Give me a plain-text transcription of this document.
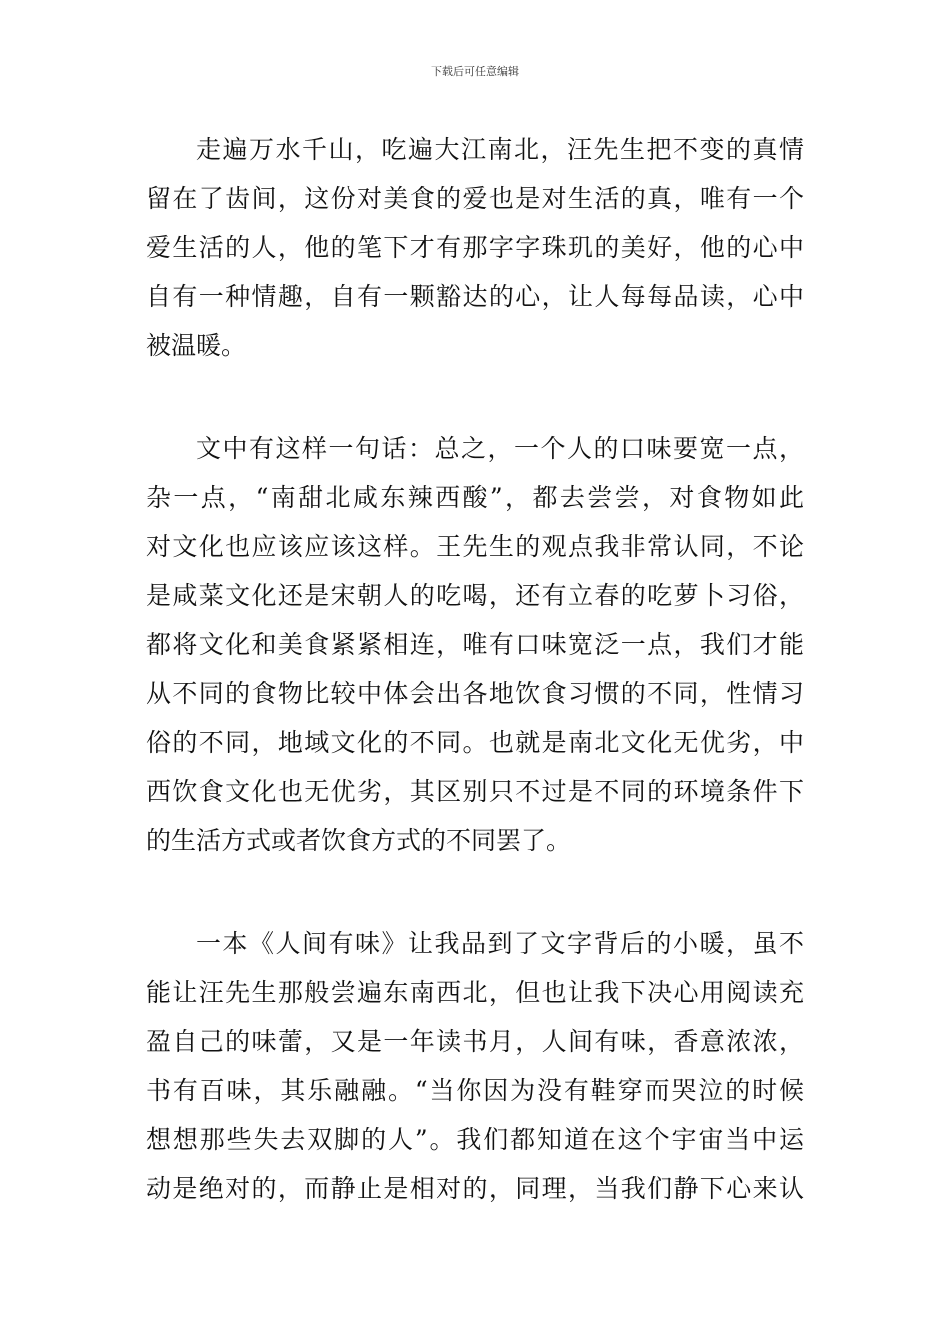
下载后可任意编辑
走遍万水千山，吃遍大江南北，汪先生把不变的真情
留在了齿间，这份对美食的爱也是对生活的真，唯有一个
爱生活的人，他的笔下才有那字字珠玑的美好，他的心中
自有一种情趣，自有一颗豁达的心，让人每每品读，心中
被温暖。
文中有这样一句话：总之，一个人的口味要宽一点，
杂一点，“南甜北咸东辣西酸”，都去尝尝，对食物如此
对文化也应该应该这样。王先生的观点我非常认同，不论
是咸菜文化还是宋朝人的吃喝，还有立春的吃萝卜习俗，
都将文化和美食紧紧相连，唯有口味宽泛一点，我们才能
从不同的食物比较中体会出各地饮食习惯的不同，性情习
俗的不同，地域文化的不同。也就是南北文化无优劣，中
西饮食文化也无优劣，其区别只不过是不同的环境条件下
的生活方式或者饮食方式的不同罢了。
一本《人间有味》让我品到了文字背后的小暖，虽不
能让汪先生那般尝遍东南西北，但也让我下决心用阅读充
盈自己的味蕾，又是一年读书月，人间有味，香意浓浓，
书有百味，其乐融融。“当你因为没有鞋穿而哭泣的时候
想想那些失去双脚的人”。我们都知道在这个宇宙当中运
动是绝对的，而静止是相对的，同理，当我们静下心来认
